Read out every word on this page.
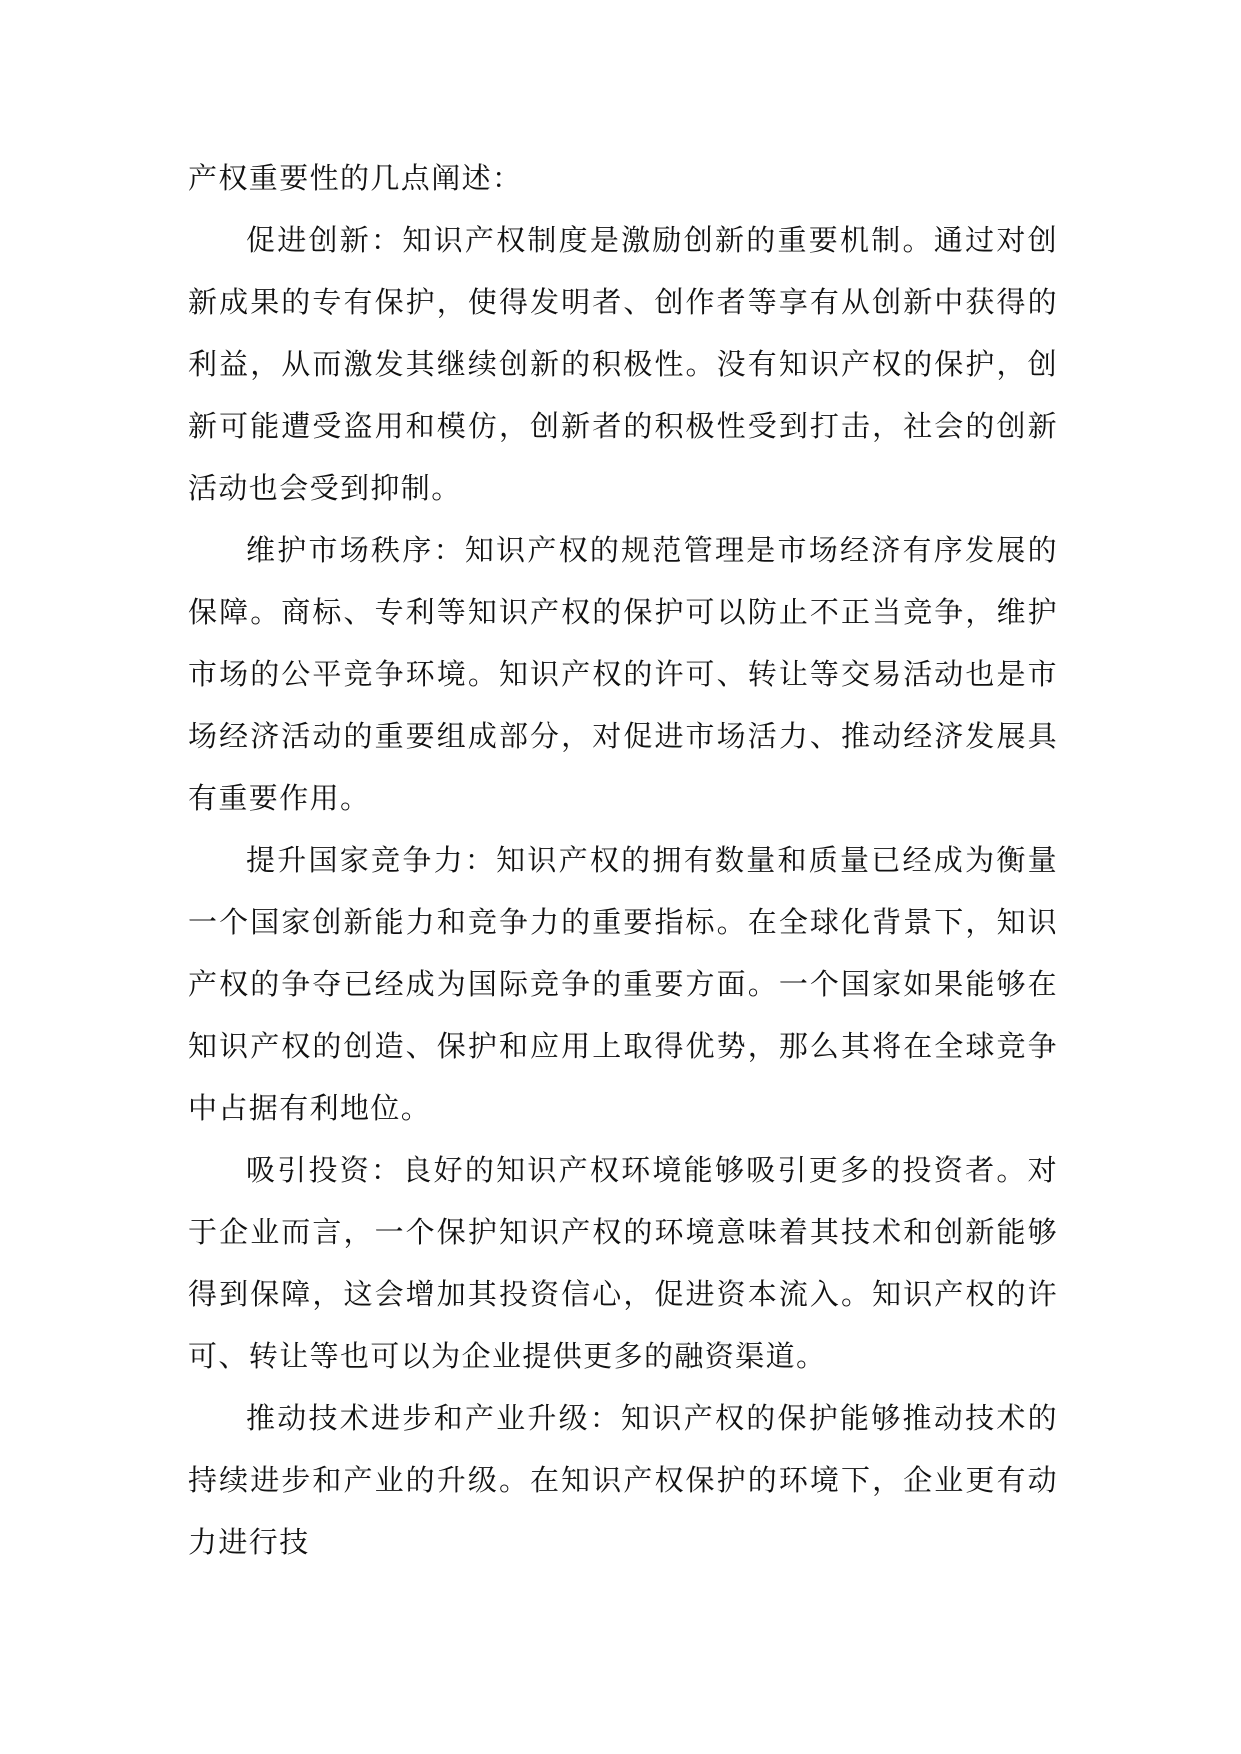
产权重要性的几点阐述：

促进创新：知识产权制度是激励创新的重要机制。通过对创新成果的专有保护，使得发明者、创作者等享有从创新中获得的利益，从而激发其继续创新的积极性。没有知识产权的保护，创新可能遭受盗用和模仿，创新者的积极性受到打击，社会的创新活动也会受到抑制。

维护市场秩序：知识产权的规范管理是市场经济有序发展的保障。商标、专利等知识产权的保护可以防止不正当竞争，维护市场的公平竞争环境。知识产权的许可、转让等交易活动也是市场经济活动的重要组成部分，对促进市场活力、推动经济发展具有重要作用。

提升国家竞争力：知识产权的拥有数量和质量已经成为衡量一个国家创新能力和竞争力的重要指标。在全球化背景下，知识产权的争夺已经成为国际竞争的重要方面。一个国家如果能够在知识产权的创造、保护和应用上取得优势，那么其将在全球竞争中占据有利地位。

吸引投资：良好的知识产权环境能够吸引更多的投资者。对于企业而言，一个保护知识产权的环境意味着其技术和创新能够得到保障，这会增加其投资信心，促进资本流入。知识产权的许可、转让等也可以为企业提供更多的融资渠道。

推动技术进步和产业升级：知识产权的保护能够推动技术的持续进步和产业的升级。在知识产权保护的环境下，企业更有动力进行技
